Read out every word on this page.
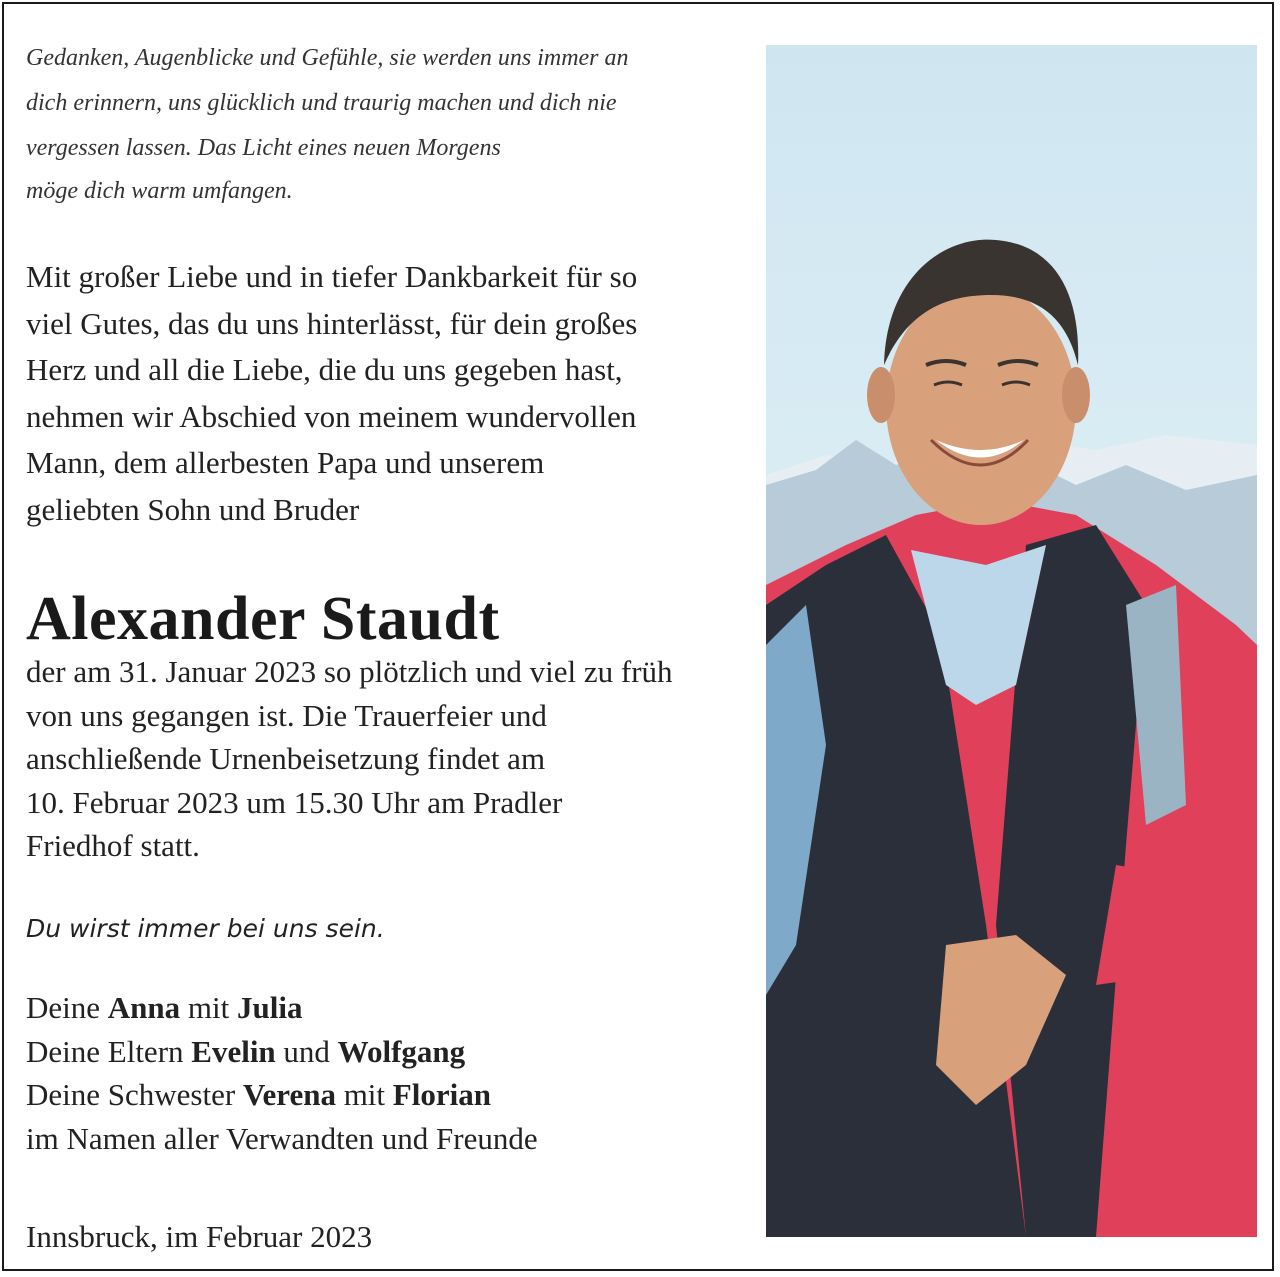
Gedanken, Augenblicke und Gefühle, sie werden uns immer an
dich erinnern, uns glücklich und traurig machen und dich nie
vergessen lassen. Das Licht eines neuen Morgens
möge dich warm umfangen.

Mit großer Liebe und in tiefer Dankbarkeit für so
viel Gutes, das du uns hinterlässt, für dein großes
Herz und all die Liebe, die du uns gegeben hast,
nehmen wir Abschied von meinem wundervollen
Mann, dem allerbesten Papa und unserem
geliebten Sohn und Bruder

Alexander Staudt

der am 31. Januar 2023 so plötzlich und viel zu früh
von uns gegangen ist. Die Trauerfeier und
anschließende Urnenbeisetzung findet am
10. Februar 2023 um 15.30 Uhr am Pradler
Friedhof statt.

Du wirst immer bei uns sein.

Deine Anna mit Julia
Deine Eltern Evelin und Wolfgang
Deine Schwester Verena mit Florian
im Namen aller Verwandten und Freunde

Innsbruck, im Februar 2023
